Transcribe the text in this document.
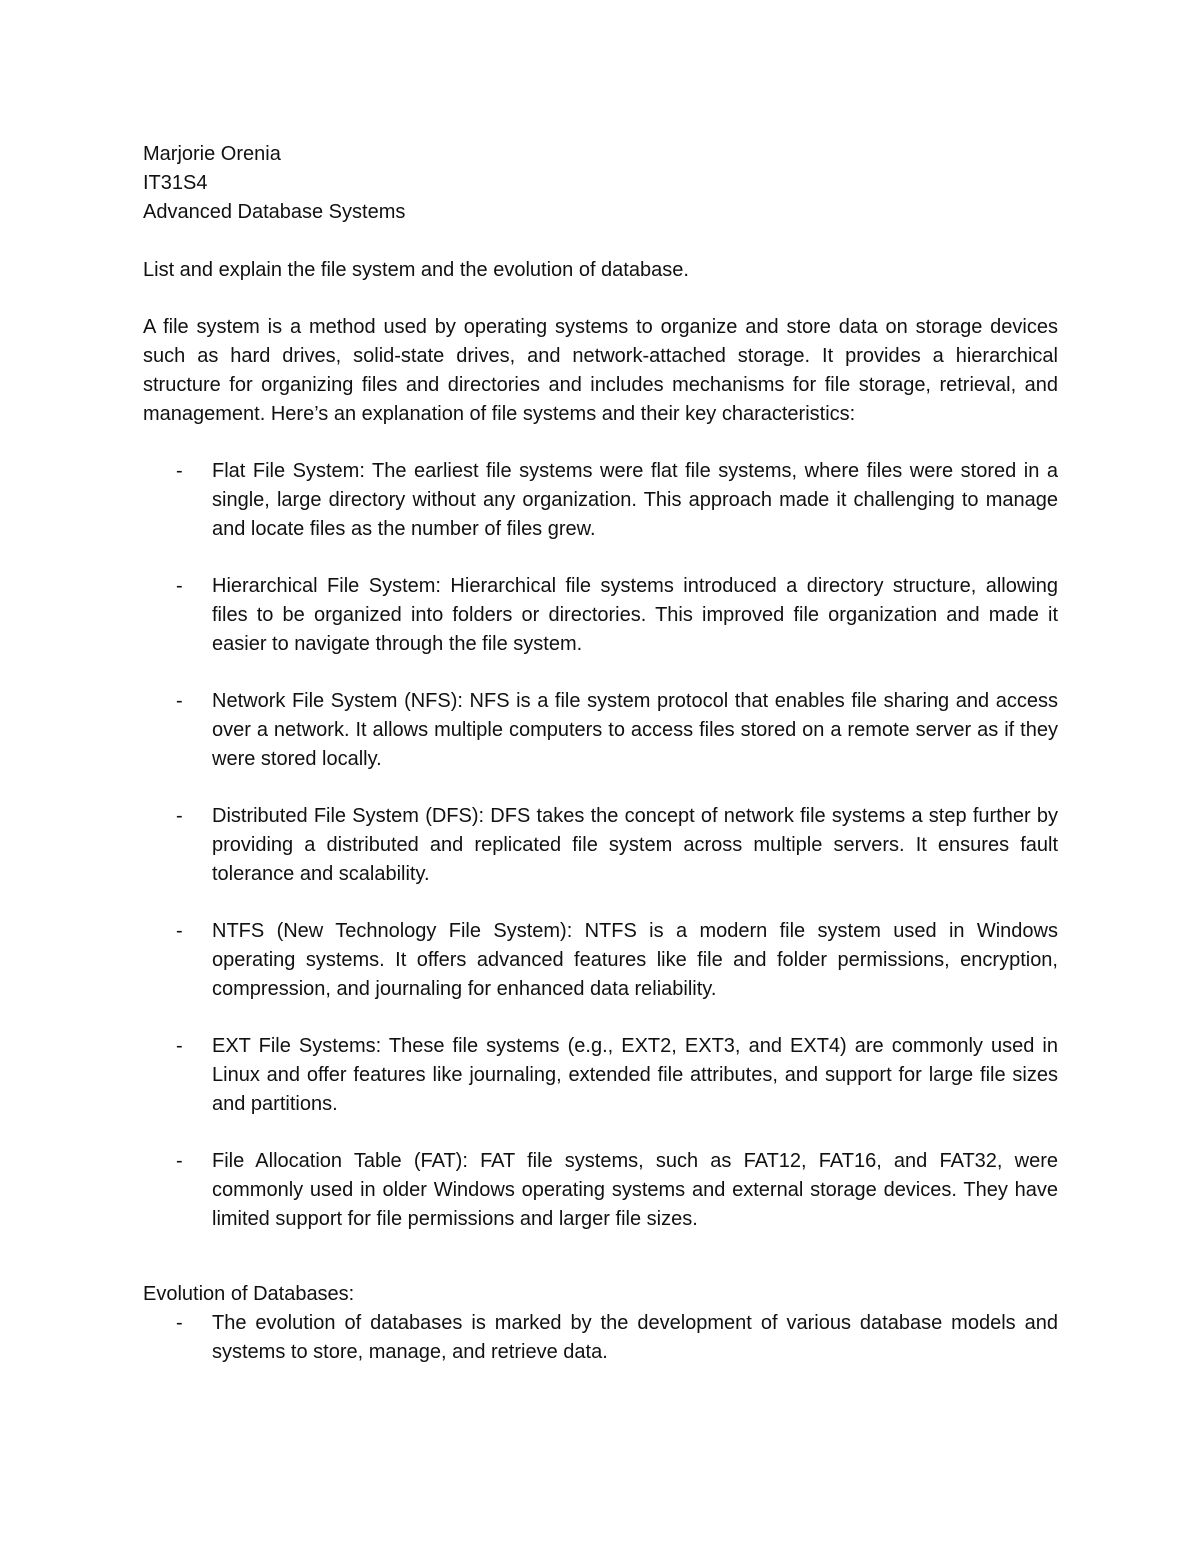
Marjorie Orenia
IT31S4
Advanced Database Systems

List and explain the file system and the evolution of database.

A file system is a method used by operating systems to organize and store data on storage devices such as hard drives, solid-state drives, and network-attached storage. It provides a hierarchical structure for organizing files and directories and includes mechanisms for file storage, retrieval, and management. Here’s an explanation of file systems and their key characteristics:

- Flat File System: The earliest file systems were flat file systems, where files were stored in a single, large directory without any organization. This approach made it challenging to manage and locate files as the number of files grew.
- Hierarchical File System: Hierarchical file systems introduced a directory structure, allowing files to be organized into folders or directories. This improved file organization and made it easier to navigate through the file system.
- Network File System (NFS): NFS is a file system protocol that enables file sharing and access over a network. It allows multiple computers to access files stored on a remote server as if they were stored locally.
- Distributed File System (DFS): DFS takes the concept of network file systems a step further by providing a distributed and replicated file system across multiple servers. It ensures fault tolerance and scalability.
- NTFS (New Technology File System): NTFS is a modern file system used in Windows operating systems. It offers advanced features like file and folder permissions, encryption, compression, and journaling for enhanced data reliability.
- EXT File Systems: These file systems (e.g., EXT2, EXT3, and EXT4) are commonly used in Linux and offer features like journaling, extended file attributes, and support for large file sizes and partitions.
- File Allocation Table (FAT): FAT file systems, such as FAT12, FAT16, and FAT32, were commonly used in older Windows operating systems and external storage devices. They have limited support for file permissions and larger file sizes.

Evolution of Databases:

- The evolution of databases is marked by the development of various database models and systems to store, manage, and retrieve data.
